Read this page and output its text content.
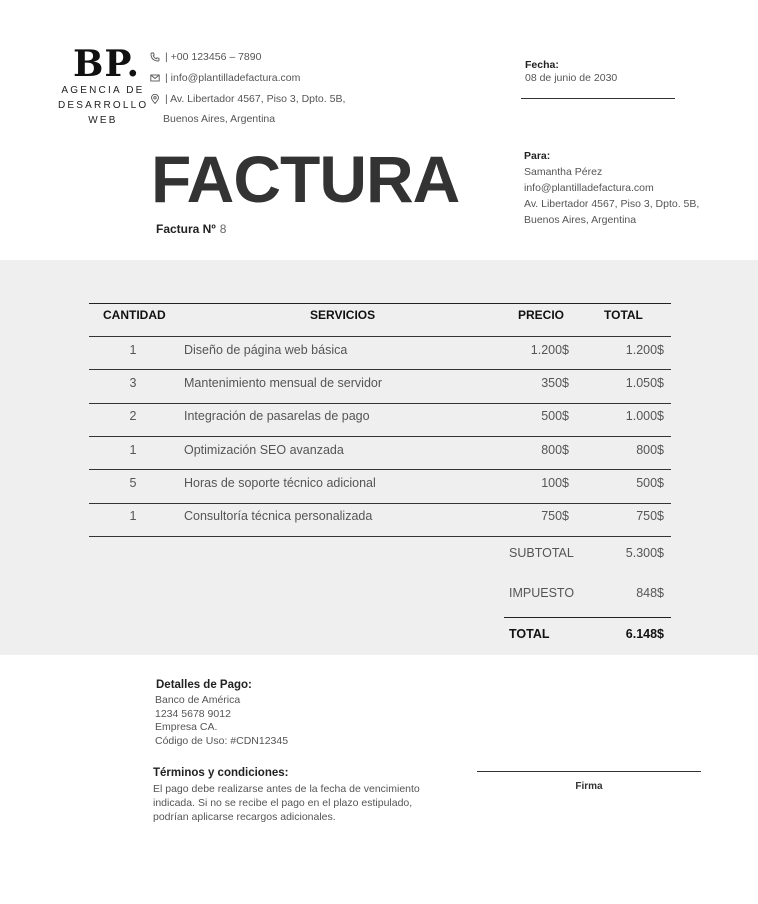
BP.
AGENCIA DE
DESARROLLO
WEB
| +00 123456 – 7890
| info@plantilladefactura.com
| Av. Libertador 4567, Piso 3, Dpto. 5B,
Buenos Aires, Argentina
Fecha:
08 de junio de 2030
FACTURA
Factura Nº 8
Para:
Samantha Pérez
info@plantilladefactura.com
Av. Libertador 4567, Piso 3, Dpto. 5B,
Buenos Aires, Argentina
CANTIDAD	SERVICIOS	PRECIO	TOTAL
1	Diseño de página web básica	1.200$	1.200$
3	Mantenimiento mensual de servidor	350$	1.050$
2	Integración de pasarelas de pago	500$	1.000$
1	Optimización SEO avanzada	800$	800$
5	Horas de soporte técnico adicional	100$	500$
1	Consultoría técnica personalizada	750$	750$
SUBTOTAL	5.300$
IMPUESTO	848$
TOTAL	6.148$
Detalles de Pago:
Banco de América
1234 5678 9012
Empresa CA.
Código de Uso: #CDN12345
Términos y condiciones:
El pago debe realizarse antes de la fecha de vencimiento indicada. Si no se recibe el pago en el plazo estipulado, podrían aplicarse recargos adicionales.
Firma
